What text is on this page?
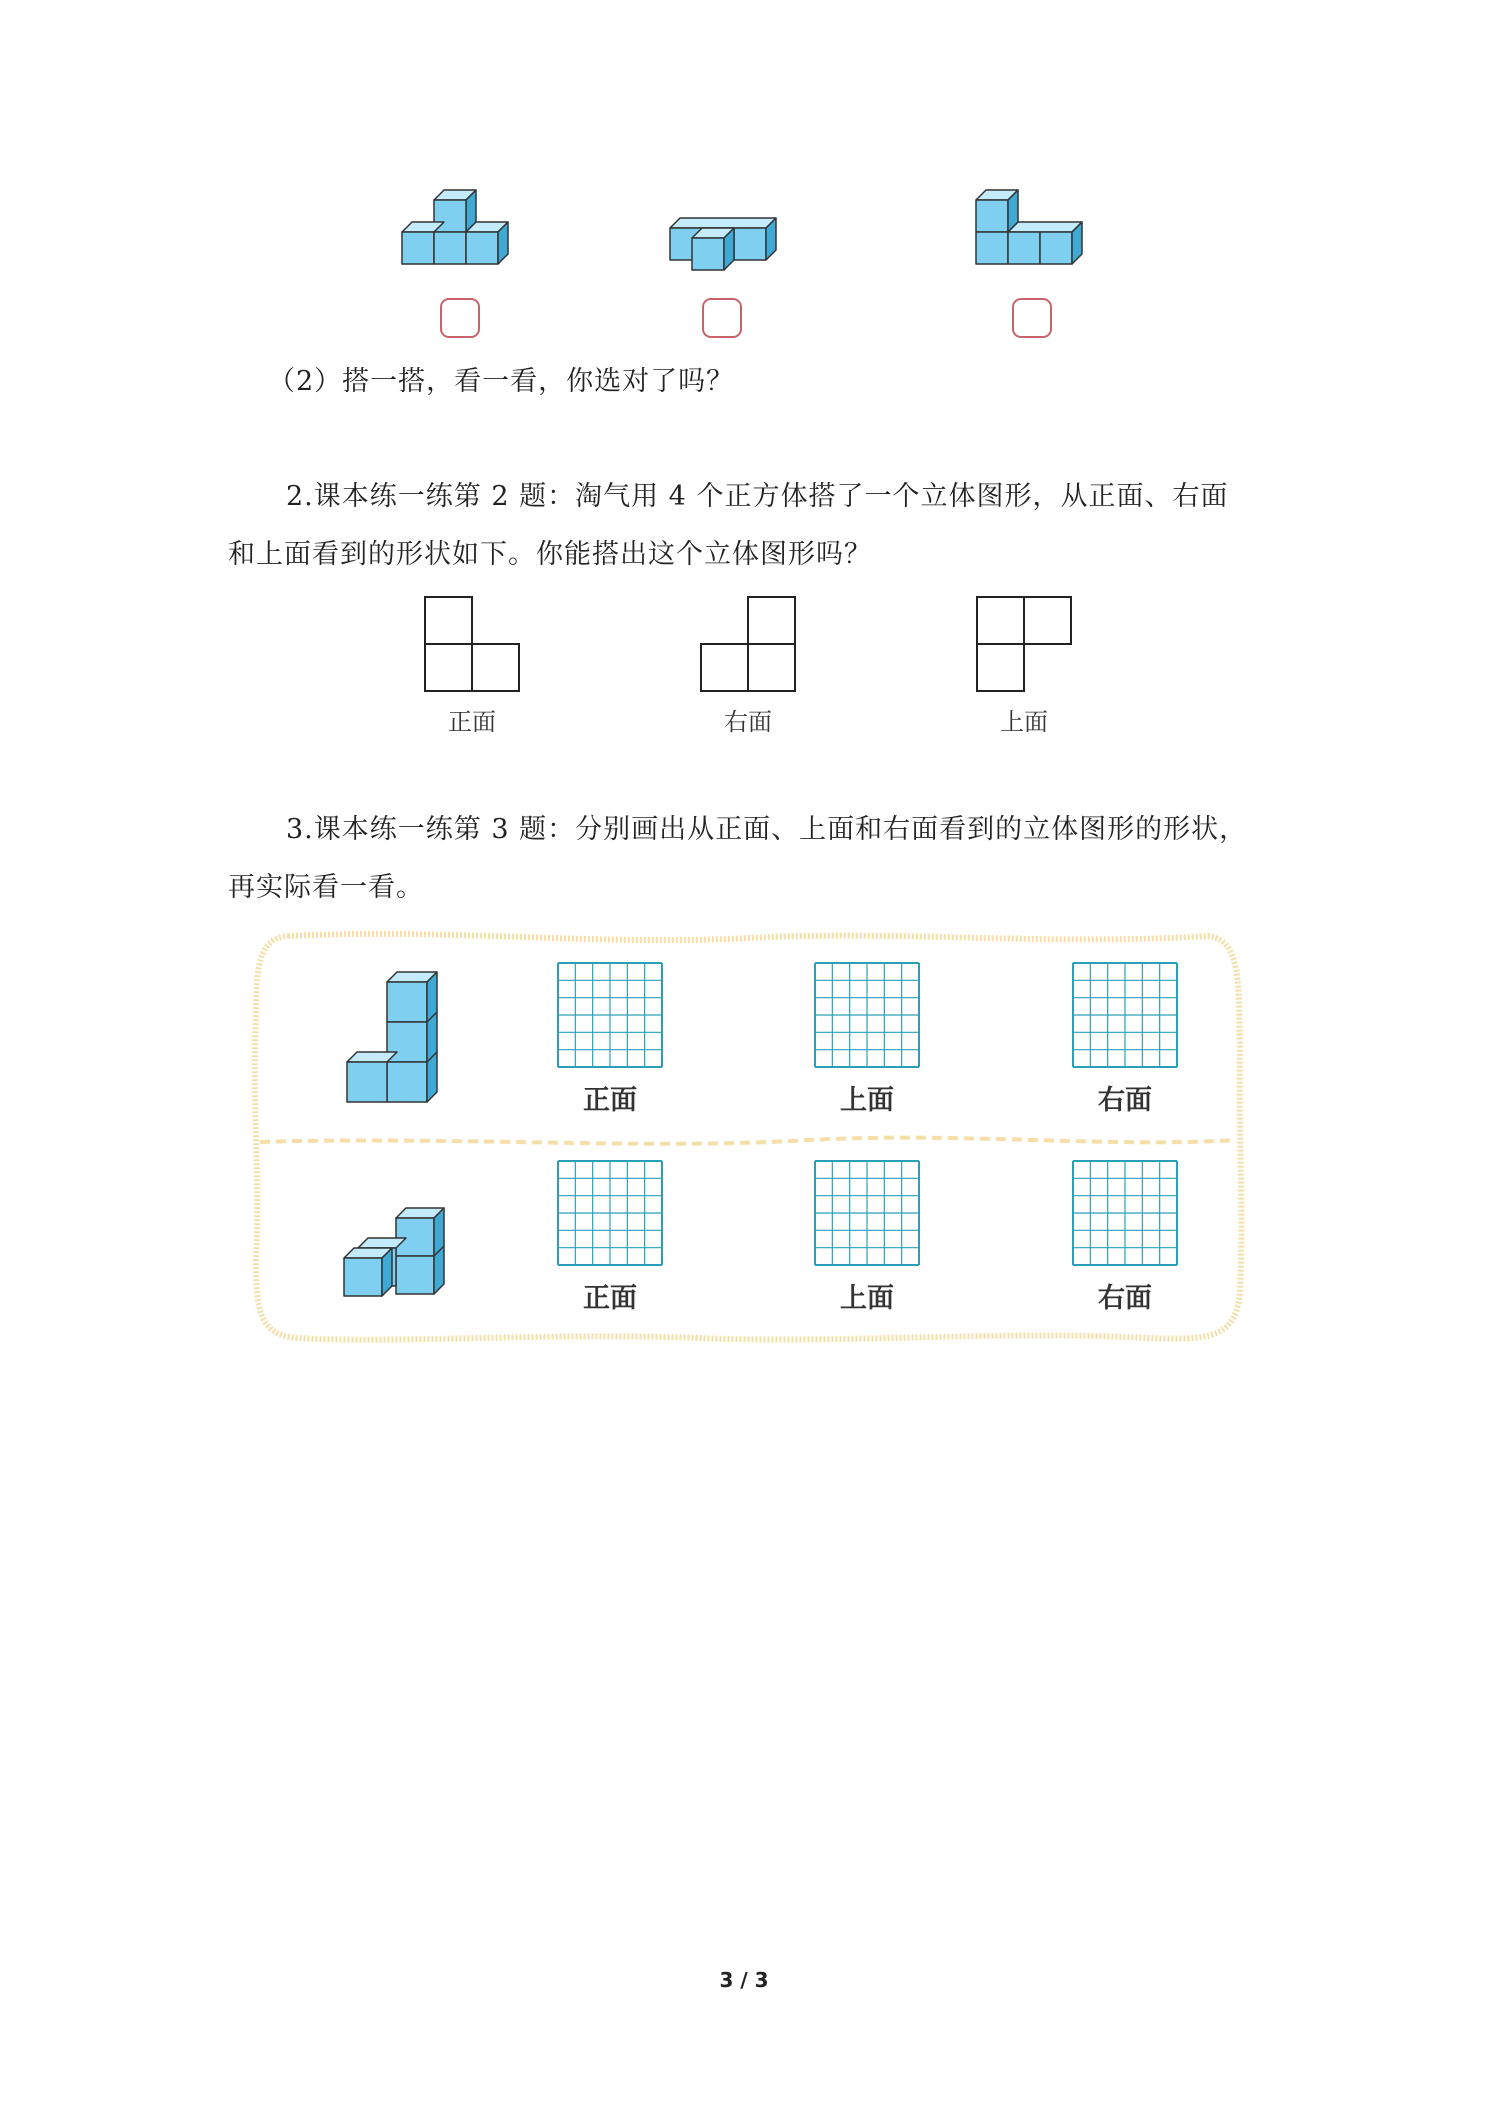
（2）搭一搭，看一看，你选对了吗？
2.课本练一练第 2 题：淘气用 4 个正方体搭了一个立体图形，从正面、右面
和上面看到的形状如下。你能搭出这个立体图形吗？
正面	右面	上面
3.课本练一练第 3 题：分别画出从正面、上面和右面看到的立体图形的形状，
再实际看一看。
正面	上面	右面
正面	上面	右面
3 / 3
